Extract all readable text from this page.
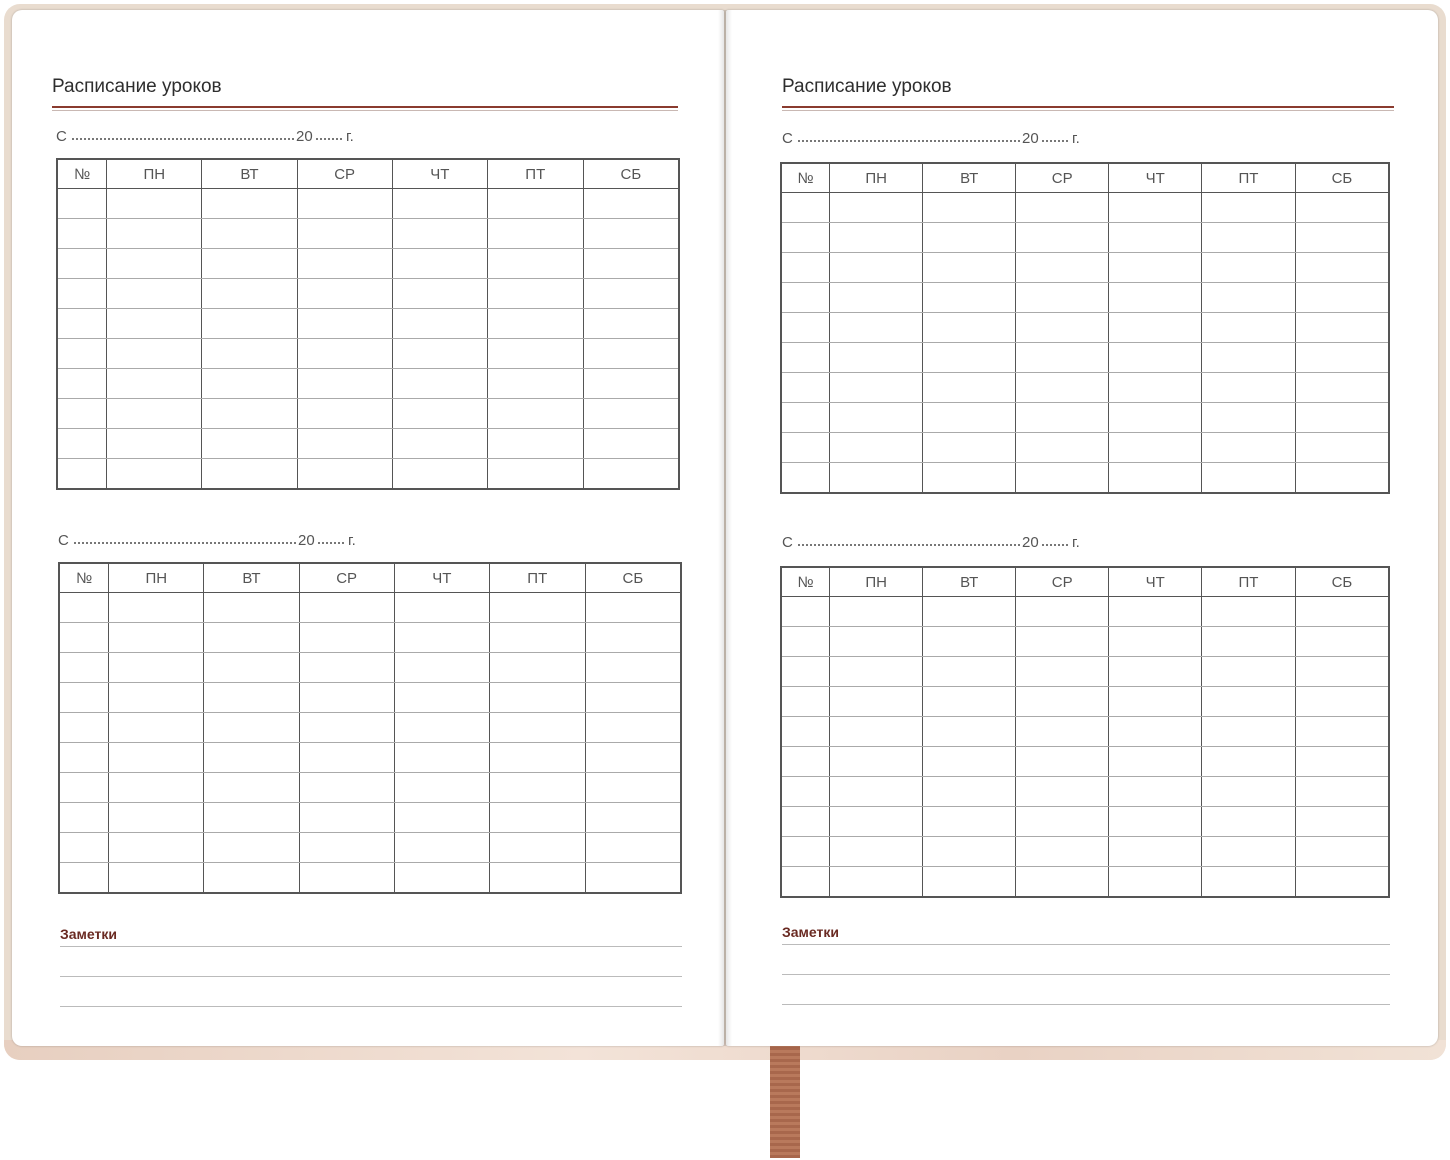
Расписание уроков
С	20 г.
№	ПН	ВТ	СР	ЧТ	ПТ	СБ

С	20 г.
№	ПН	ВТ	СР	ЧТ	ПТ	СБ

Заметки
Расписание уроков
С	20 г.
№	ПН	ВТ	СР	ЧТ	ПТ	СБ

С	20 г.
№	ПН	ВТ	СР	ЧТ	ПТ	СБ

Заметки
